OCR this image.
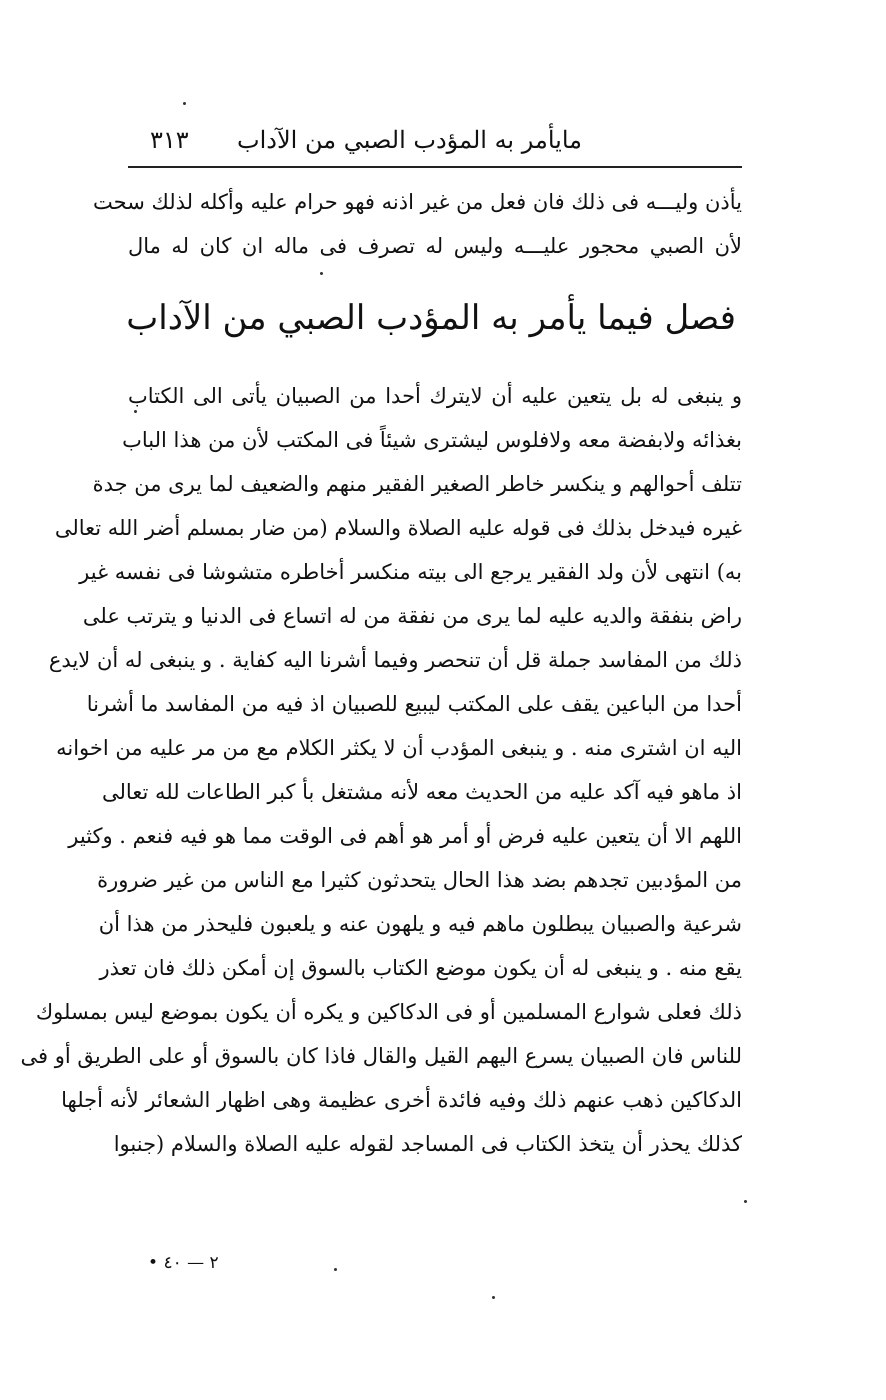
مايأمر به المؤدب الصبي من الآداب
٣١٣

يأذن وليـــه فى ذلك فان فعل من غير اذنه فهو حرام عليه وأكله لذلك سحت

لأن الصبي محجور عليـــه وليس له تصرف فى ماله ان كان له مال

فصل فيما يأمر به المؤدب الصبي من الآداب

و ينبغى له بل يتعين عليه أن لايترك أحدا من الصبيان يأتى الى الكتاب

بغذائه ولابفضة معه ولافلوس ليشترى شيئاً فى المكتب لأن من هذا الباب

تتلف أحوالهم و ينكسر خاطر الصغير الفقير منهم والضعيف لما يرى من جدة

غيره فيدخل بذلك فى قوله عليه الصلاة والسلام (من ضار بمسلم أضر الله تعالى

به) انتهى لأن ولد الفقير يرجع الى بيته منكسر أخاطره متشوشا فى نفسه غير

راض بنفقة والديه عليه لما يرى من نفقة من له اتساع فى الدنيا و يترتب على

ذلك من المفاسد جملة قل أن تنحصر وفيما أشرنا اليه كفاية . و ينبغى له أن لايدع

أحدا من الباعين يقف على المكتب ليبيع للصبيان اذ فيه من المفاسد ما أشرنا

اليه ان اشترى منه . و ينبغى المؤدب أن لا يكثر الكلام مع من مر عليه من اخوانه

اذ ماهو فيه آكد عليه من الحديث معه لأنه مشتغل بأ كبر الطاعات لله تعالى

اللهم الا أن يتعين عليه فرض أو أمر هو أهم فى الوقت مما هو فيه فنعم . وكثير

من المؤدبين تجدهم بضد هذا الحال يتحدثون كثيرا مع الناس من غير ضرورة

شرعية والصبيان يبطلون ماهم فيه و يلهون عنه و يلعبون فليحذر من هذا أن

يقع منه . و ينبغى له أن يكون موضع الكتاب بالسوق إن أمكن ذلك فان تعذر

ذلك فعلى شوارع المسلمين أو فى الدكاكين و يكره أن يكون بموضع ليس بمسلوك

للناس فان الصبيان يسرع اليهم القيل والقال فاذا كان بالسوق أو على الطريق أو فى

الدكاكين ذهب عنهم ذلك وفيه فائدة أخرى عظيمة وهى اظهار الشعائر لأنه أجلها

كذلك يحذر أن يتخذ الكتاب فى المساجد لقوله عليه الصلاة والسلام (جنبوا

٢ — ٤٠ •
